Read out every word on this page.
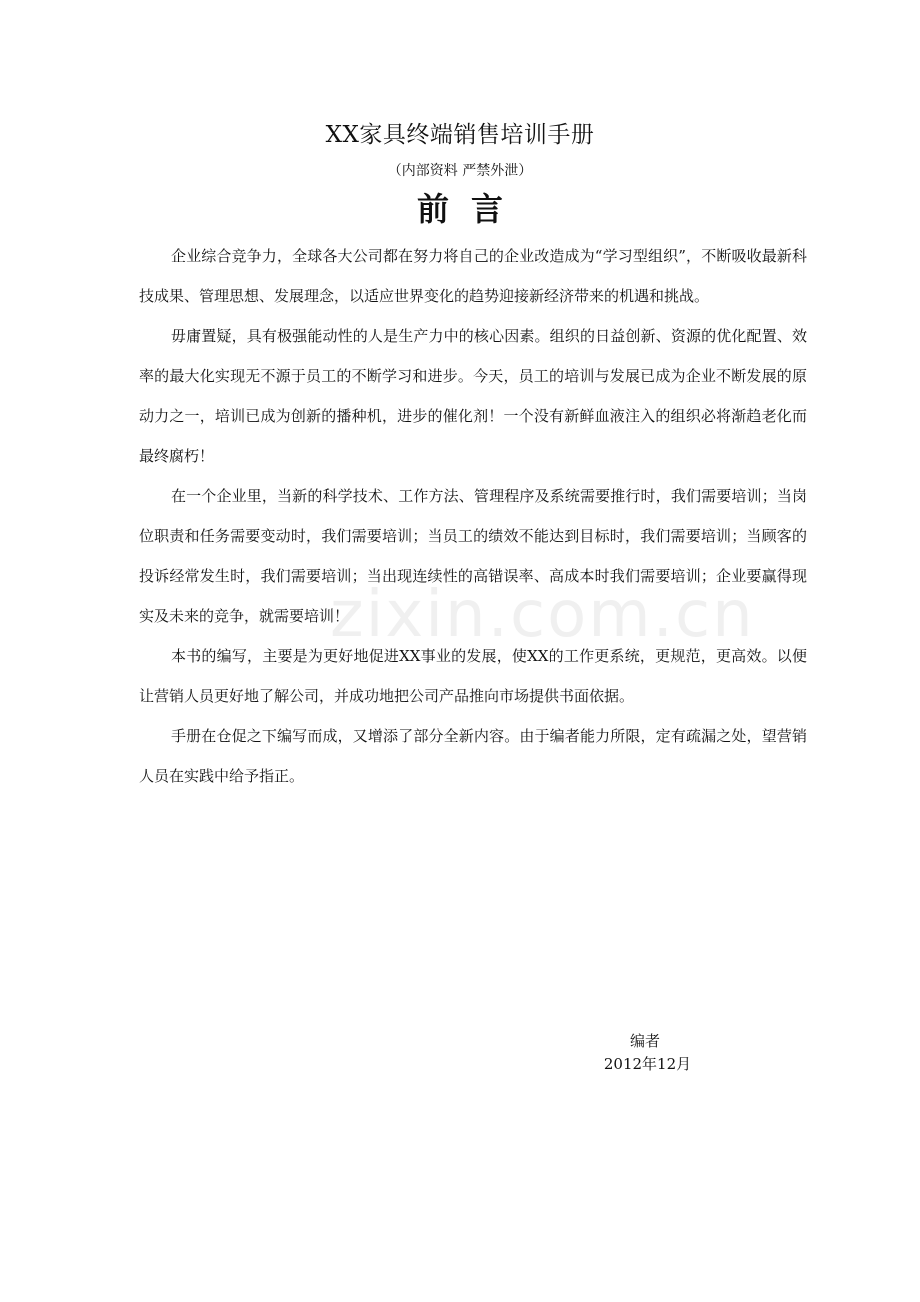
zixin.com.cn
XX家具终端销售培训手册
（内部资料 严禁外泄）
前言

企业综合竞争力，全球各大公司都在努力将自己的企业改造成为“学习型组织”，不断吸收最新科技成果、管理思想、发展理念，以适应世界变化的趋势迎接新经济带来的机遇和挑战。

毋庸置疑，具有极强能动性的人是生产力中的核心因素。组织的日益创新、资源的优化配置、效率的最大化实现无不源于员工的不断学习和进步。今天，员工的培训与发展已成为企业不断发展的原动力之一，培训已成为创新的播种机，进步的催化剂！一个没有新鲜血液注入的组织必将渐趋老化而最终腐朽！

在一个企业里，当新的科学技术、工作方法、管理程序及系统需要推行时，我们需要培训；当岗位职责和任务需要变动时，我们需要培训；当员工的绩效不能达到目标时，我们需要培训；当顾客的投诉经常发生时，我们需要培训；当出现连续性的高错误率、高成本时我们需要培训；企业要赢得现实及未来的竞争，就需要培训！

本书的编写，主要是为更好地促进XX事业的发展，使XX的工作更系统，更规范，更高效。以便让营销人员更好地了解公司，并成功地把公司产品推向市场提供书面依据。

手册在仓促之下编写而成，又增添了部分全新内容。由于编者能力所限，定有疏漏之处，望营销人员在实践中给予指正。

编者
2012年12月
